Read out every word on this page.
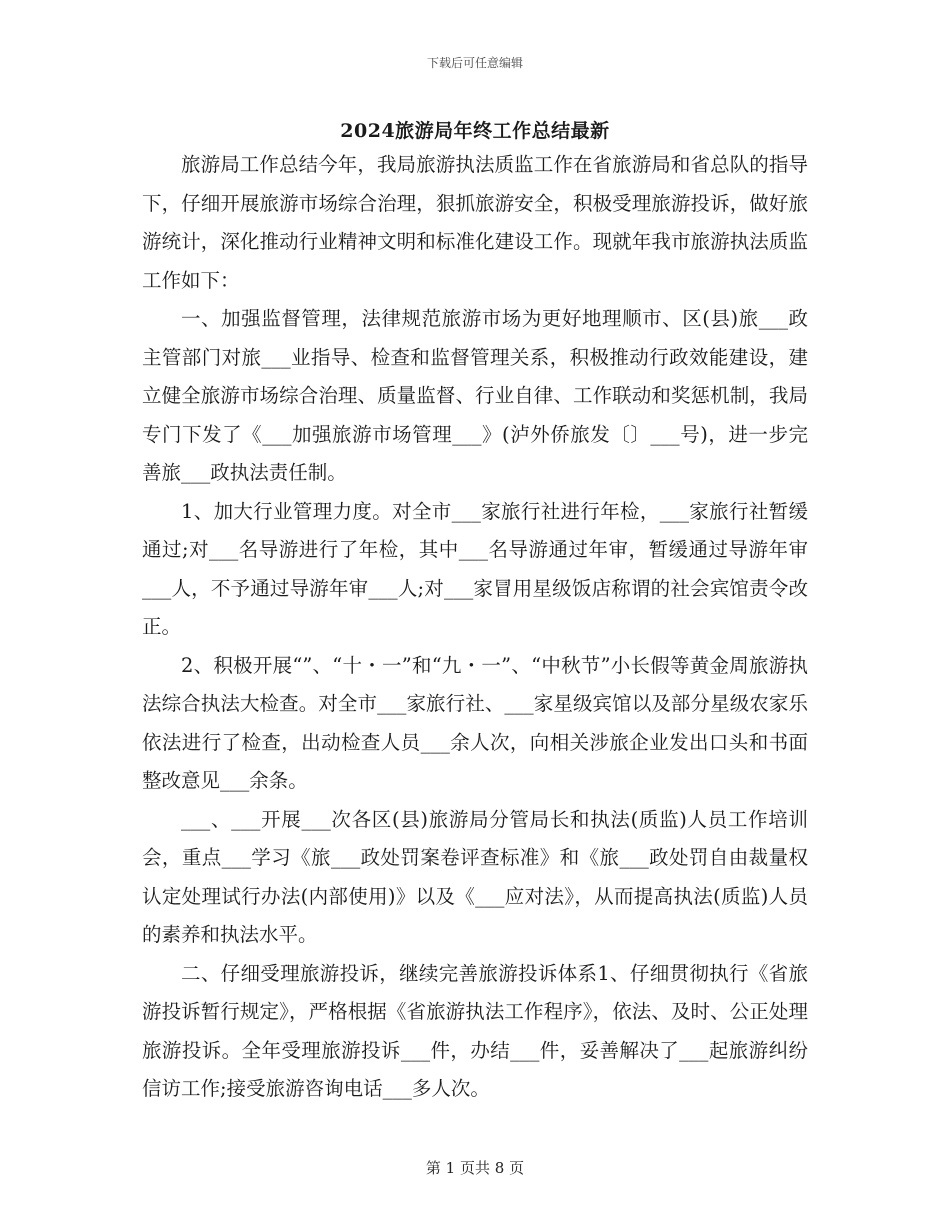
下载后可任意编辑
2024旅游局年终工作总结最新

旅游局工作总结今年，我局旅游执法质监工作在省旅游局和省总队的指导下，仔细开展旅游市场综合治理，狠抓旅游安全，积极受理旅游投诉，做好旅游统计，深化推动行业精神文明和标准化建设工作。现就年我市旅游执法质监工作如下：

一、加强监督管理，法律规范旅游市场为更好地理顺市、区(县)旅___政主管部门对旅___业指导、检查和监督管理关系，积极推动行政效能建设，建立健全旅游市场综合治理、质量监督、行业自律、工作联动和奖惩机制，我局专门下发了《___加强旅游市场管理___》(泸外侨旅发〔〕___号)，进一步完善旅___政执法责任制。

1、加大行业管理力度。对全市___家旅行社进行年检，___家旅行社暂缓通过;对___名导游进行了年检，其中___名导游通过年审，暂缓通过导游年审___人，不予通过导游年审___人;对___家冒用星级饭店称谓的社会宾馆责令改正。

2、积极开展“”、“十・一”和“九・一”、“中秋节”小长假等黄金周旅游执法综合执法大检查。对全市___家旅行社、___家星级宾馆以及部分星级农家乐依法进行了检查，出动检查人员___余人次，向相关涉旅企业发出口头和书面整改意见___余条。

___、___开展___次各区(县)旅游局分管局长和执法(质监)人员工作培训会，重点___学习《旅___政处罚案卷评查标准》和《旅___政处罚自由裁量权认定处理试行办法(内部使用)》以及《___应对法》，从而提高执法(质监)人员的素养和执法水平。

二、仔细受理旅游投诉，继续完善旅游投诉体系1、仔细贯彻执行《省旅游投诉暂行规定》，严格根据《省旅游执法工作程序》，依法、及时、公正处理旅游投诉。全年受理旅游投诉___件，办结___件，妥善解决了___起旅游纠纷信访工作;接受旅游咨询电话___多人次。

第 1 页共 8 页
